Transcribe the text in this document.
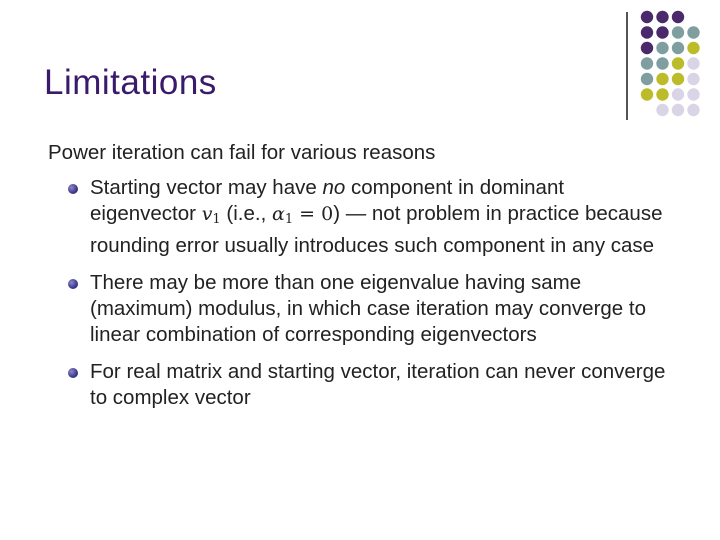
Limitations

Power iteration can fail for various reasons

Starting vector may have no component in dominant eigenvector $v_1$ (i.e., $\alpha_1 = 0$) — not problem in practice because rounding error usually introduces such component in any case
There may be more than one eigenvalue having same (maximum) modulus, in which case iteration may converge to linear combination of corresponding eigenvectors
For real matrix and starting vector, iteration can never converge to complex vector
